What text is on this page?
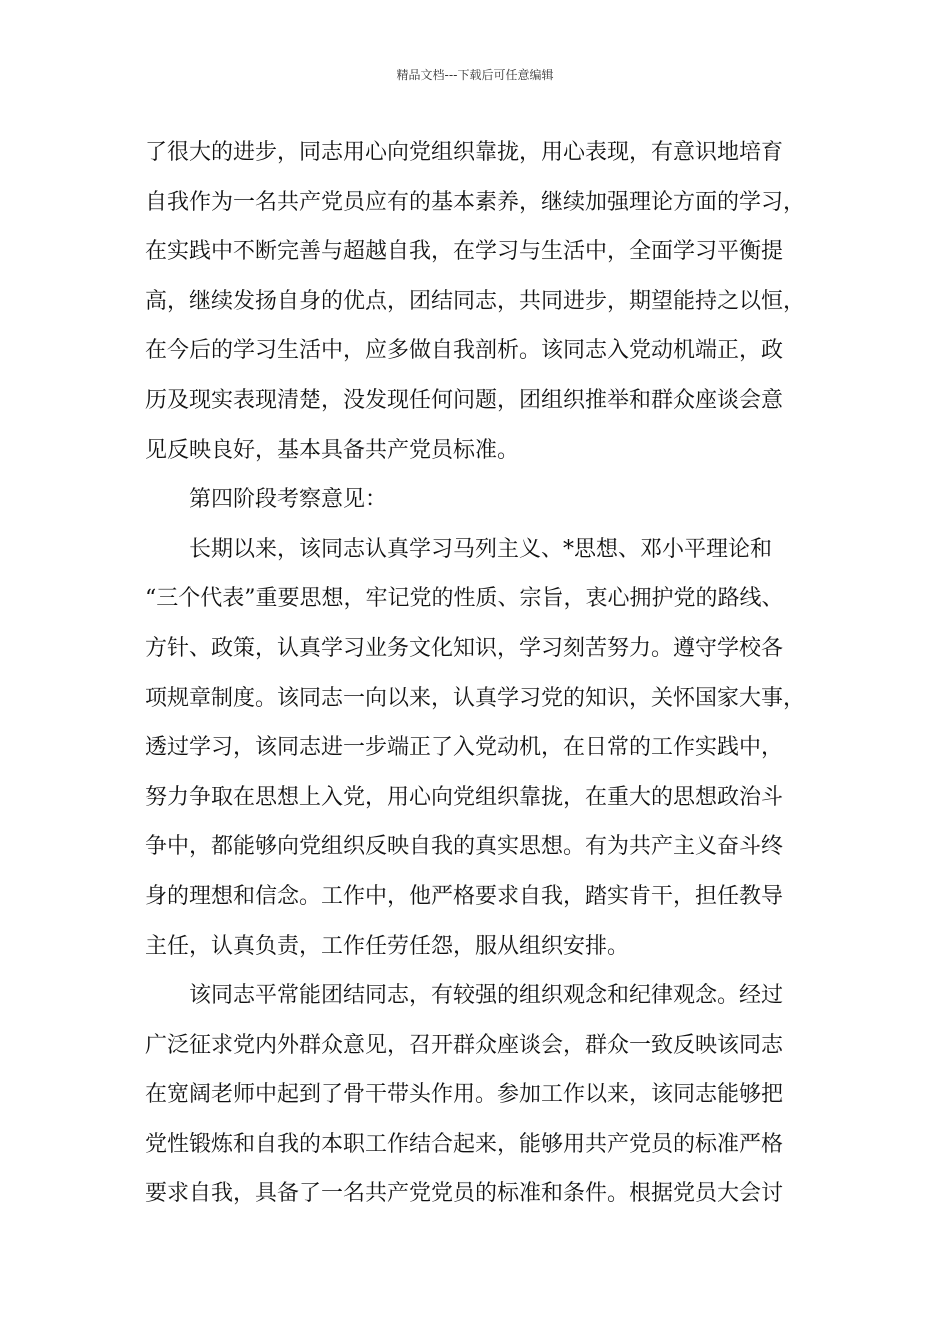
精品文档---下载后可任意编辑
了很大的进步，同志用心向党组织靠拢，用心表现，有意识地培育
自我作为一名共产党员应有的基本素养，继续加强理论方面的学习，
在实践中不断完善与超越自我，在学习与生活中，全面学习平衡提
高，继续发扬自身的优点，团结同志，共同进步，期望能持之以恒，
在今后的学习生活中，应多做自我剖析。该同志入党动机端正，政
历及现实表现清楚，没发现任何问题，团组织推举和群众座谈会意
见反映良好，基本具备共产党员标准。
第四阶段考察意见：
长期以来，该同志认真学习马列主义、*思想、邓小平理论和
“三个代表”重要思想，牢记党的性质、宗旨，衷心拥护党的路线、
方针、政策，认真学习业务文化知识，学习刻苦努力。遵守学校各
项规章制度。该同志一向以来，认真学习党的知识，关怀国家大事，
透过学习，该同志进一步端正了入党动机，在日常的工作实践中，
努力争取在思想上入党，用心向党组织靠拢，在重大的思想政治斗
争中，都能够向党组织反映自我的真实思想。有为共产主义奋斗终
身的理想和信念。工作中，他严格要求自我，踏实肯干，担任教导
主任，认真负责，工作任劳任怨，服从组织安排。
该同志平常能团结同志，有较强的组织观念和纪律观念。经过
广泛征求党内外群众意见，召开群众座谈会，群众一致反映该同志
在宽阔老师中起到了骨干带头作用。参加工作以来，该同志能够把
党性锻炼和自我的本职工作结合起来，能够用共产党员的标准严格
要求自我，具备了一名共产党党员的标准和条件。根据党员大会讨
